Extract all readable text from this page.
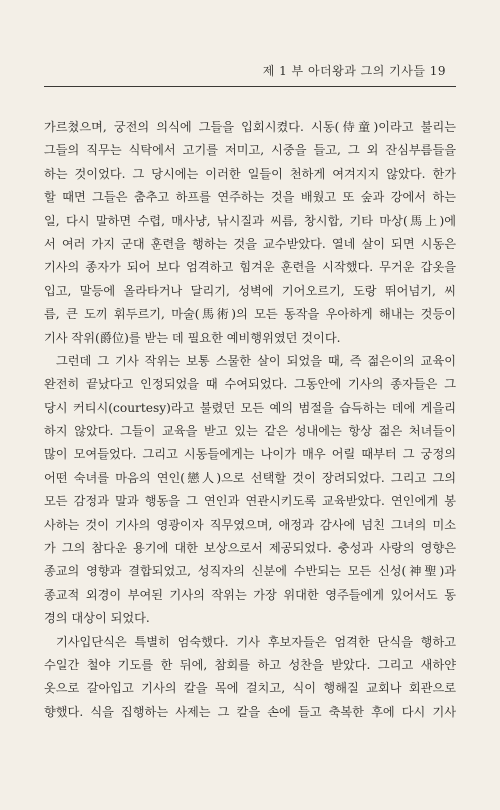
제 1 부 아더왕과 그의 기사들 19
가르쳤으며, 궁전의 의식에 그들을 입회시켰다. 시동(侍童)이라고 불리는
그들의 직무는 식탁에서 고기를 저미고, 시중을 들고, 그 외 잔심부름들을
하는 것이었다. 그 당시에는 이러한 일들이 천하게 여겨지지 않았다. 한가
할 때면 그들은 춤추고 하프를 연주하는 것을 배웠고 또 숲과 강에서 하는
일, 다시 말하면 수렵, 매사냥, 낚시질과 씨름, 창시합, 기타 마상(馬上)에
서 여러 가지 군대 훈련을 행하는 것을 교수받았다. 열네 살이 되면 시동은
기사의 종자가 되어 보다 엄격하고 힘겨운 훈련을 시작했다. 무거운 갑옷을
입고, 말등에 올라타거나 달리기, 성벽에 기어오르기, 도랑 뛰어넘기, 씨
름, 큰 도끼 휘두르기, 마술(馬術)의 모든 동작을 우아하게 해내는 것등이
기사 작위(爵位)를 받는 데 필요한 예비행위였던 것이다.
그런데 그 기사 작위는 보통 스물한 살이 되었을 때, 즉 젊은이의 교육이
완전히 끝났다고 인정되었을 때 수여되었다. 그동안에 기사의 종자들은 그
당시 커티시(courtesy)라고 불렸던 모든 예의 범절을 습득하는 데에 게을리
하지 않았다. 그들이 교육을 받고 있는 같은 성내에는 항상 젊은 처녀들이
많이 모여들었다. 그리고 시동들에게는 나이가 매우 어릴 때부터 그 궁정의
어떤 숙녀를 마음의 연인(戀人)으로 선택할 것이 장려되었다. 그리고 그의
모든 감정과 말과 행동을 그 연인과 연관시키도록 교육받았다. 연인에게 봉
사하는 것이 기사의 영광이자 직무였으며, 애정과 감사에 넘친 그녀의 미소
가 그의 참다운 용기에 대한 보상으로서 제공되었다. 충성과 사랑의 영향은
종교의 영향과 결합되었고, 성직자의 신분에 수반되는 모든 신성(神聖)과
종교적 외경이 부여된 기사의 작위는 가장 위대한 영주들에게 있어서도 동
경의 대상이 되었다.
기사입단식은 특별히 엄숙했다. 기사 후보자들은 엄격한 단식을 행하고
수일간 철야 기도를 한 뒤에, 참회를 하고 성찬을 받았다. 그리고 새하얀
옷으로 갈아입고 기사의 칼을 목에 걸치고, 식이 행해질 교회나 회관으로
향했다. 식을 집행하는 사제는 그 칼을 손에 들고 축복한 후에 다시 기사
